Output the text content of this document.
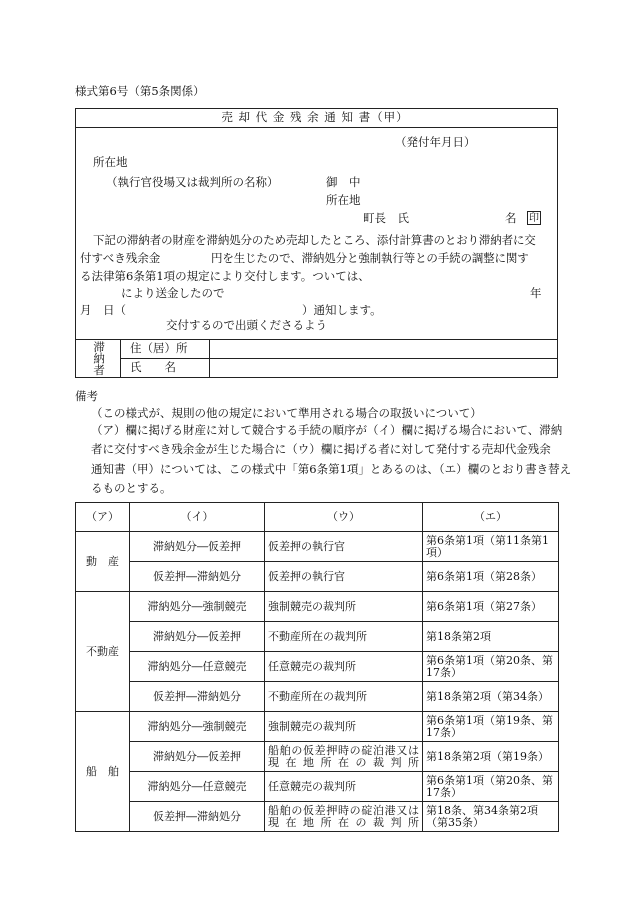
様式第6号（第5条関係）
売 却 代 金 残 余 通 知 書（甲）
（発付年月日）
所在地
（執行官役場又は裁判所の名称）	御　中
所在地
町長　氏	名 印
下記の滞納者の財産を滞納処分のため売却したところ、添付計算書のとおり滞納者に交
付すべき残余金	円を生じたので、滞納処分と強制執行等との手続の調整に関す
る法律第6条第1項の規定により交付します。ついては、
により送金したので	年
月　日（	）通知します。
交付するので出頭くださるよう
滞納者 住（居）所
氏　　名
備考
（この様式が、規則の他の規定において準用される場合の取扱いについて）
（ア）欄に掲げる財産に対して競合する手続の順序が（イ）欄に掲げる場合において、滞納
者に交付すべき残余金が生じた場合に（ウ）欄に掲げる者に対して発付する売却代金残余
通知書（甲）については、この様式中「第6条第1項」とあるのは、（エ）欄のとおり書き替え
るものとする。
（ア）	（イ）	（ウ）	（エ）
動　産	滞納処分―仮差押	仮差押の執行官	第6条第1項（第11条第1項）

	仮差押―滞納処分	仮差押の執行官	第6条第1項（第28条）
不動産	滞納処分―強制競売	強制競売の裁判所	第6条第1項（第27条）

	滞納処分―仮差押	不動産所在の裁判所	第18条第2項

	滞納処分―任意競売	任意競売の裁判所	第6条第1項（第20条、第17条）

	仮差押―滞納処分	不動産所在の裁判所	第18条第2項（第34条）
船　舶	滞納処分―強制競売	強制競売の裁判所	第6条第1項（第19条、第17条）

	滞納処分―仮差押	船舶の仮差押時の碇泊港又は現在地所在の裁判所	第18条第2項（第19条）

	滞納処分―任意競売	任意競売の裁判所	第6条第1項（第20条、第17条）

	仮差押―滞納処分	船舶の仮差押時の碇泊港又は現在地所在の裁判所	第18条、第34条第2項（第35条）
